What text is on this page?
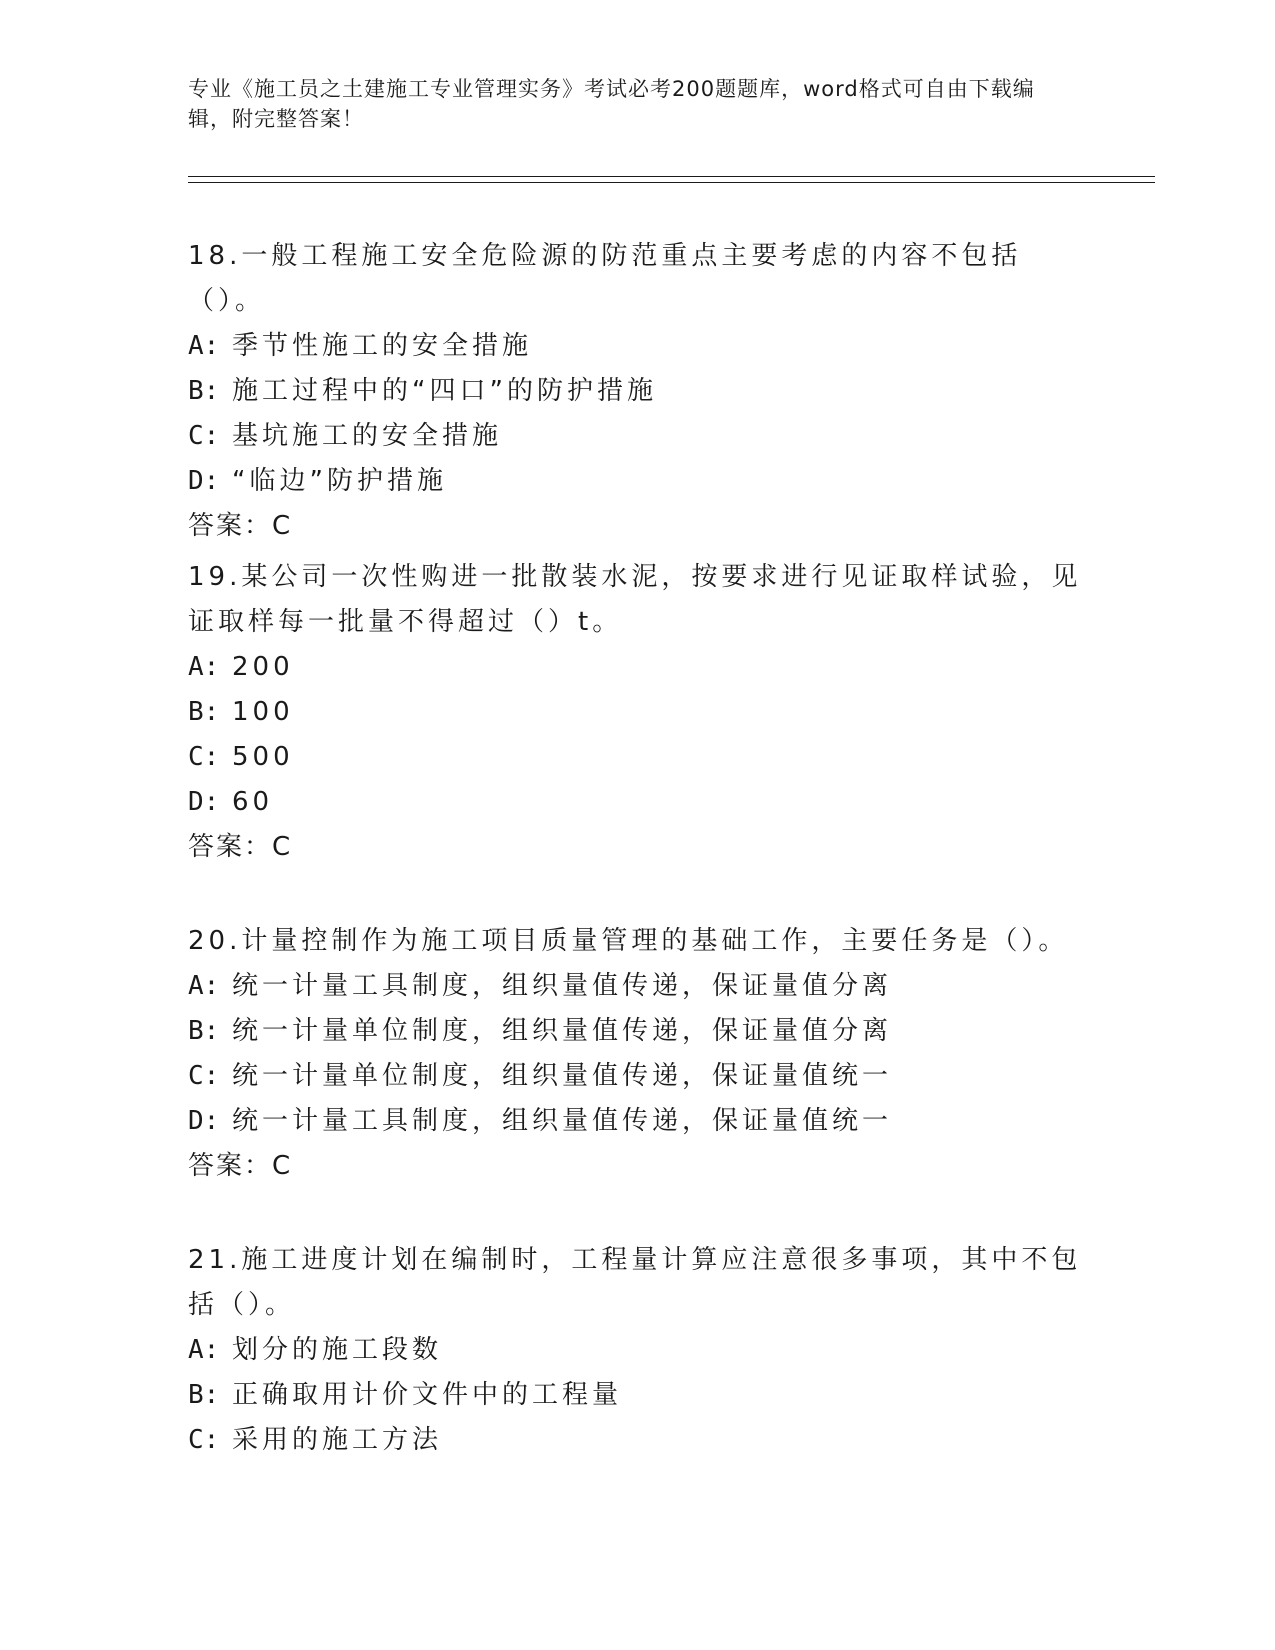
专业《施工员之土建施工专业管理实务》考试必考200题题库，word格式可自由下载编辑，附完整答案！

18.一般工程施工安全危险源的防范重点主要考虑的内容不包括（）。

A: 季节性施工的安全措施
B: 施工过程中的“四口”的防护措施
C: 基坑施工的安全措施
D: “临边”防护措施
答案：C

19.某公司一次性购进一批散装水泥，按要求进行见证取样试验，见证取样每一批量不得超过（）t。

A: 200
B: 100
C: 500
D: 60
答案：C

20.计量控制作为施工项目质量管理的基础工作，主要任务是（）。

A: 统一计量工具制度，组织量值传递，保证量值分离
B: 统一计量单位制度，组织量值传递，保证量值分离
C: 统一计量单位制度，组织量值传递，保证量值统一
D: 统一计量工具制度，组织量值传递，保证量值统一
答案：C

21.施工进度计划在编制时，工程量计算应注意很多事项，其中不包括（）。

A: 划分的施工段数
B: 正确取用计价文件中的工程量
C: 采用的施工方法
